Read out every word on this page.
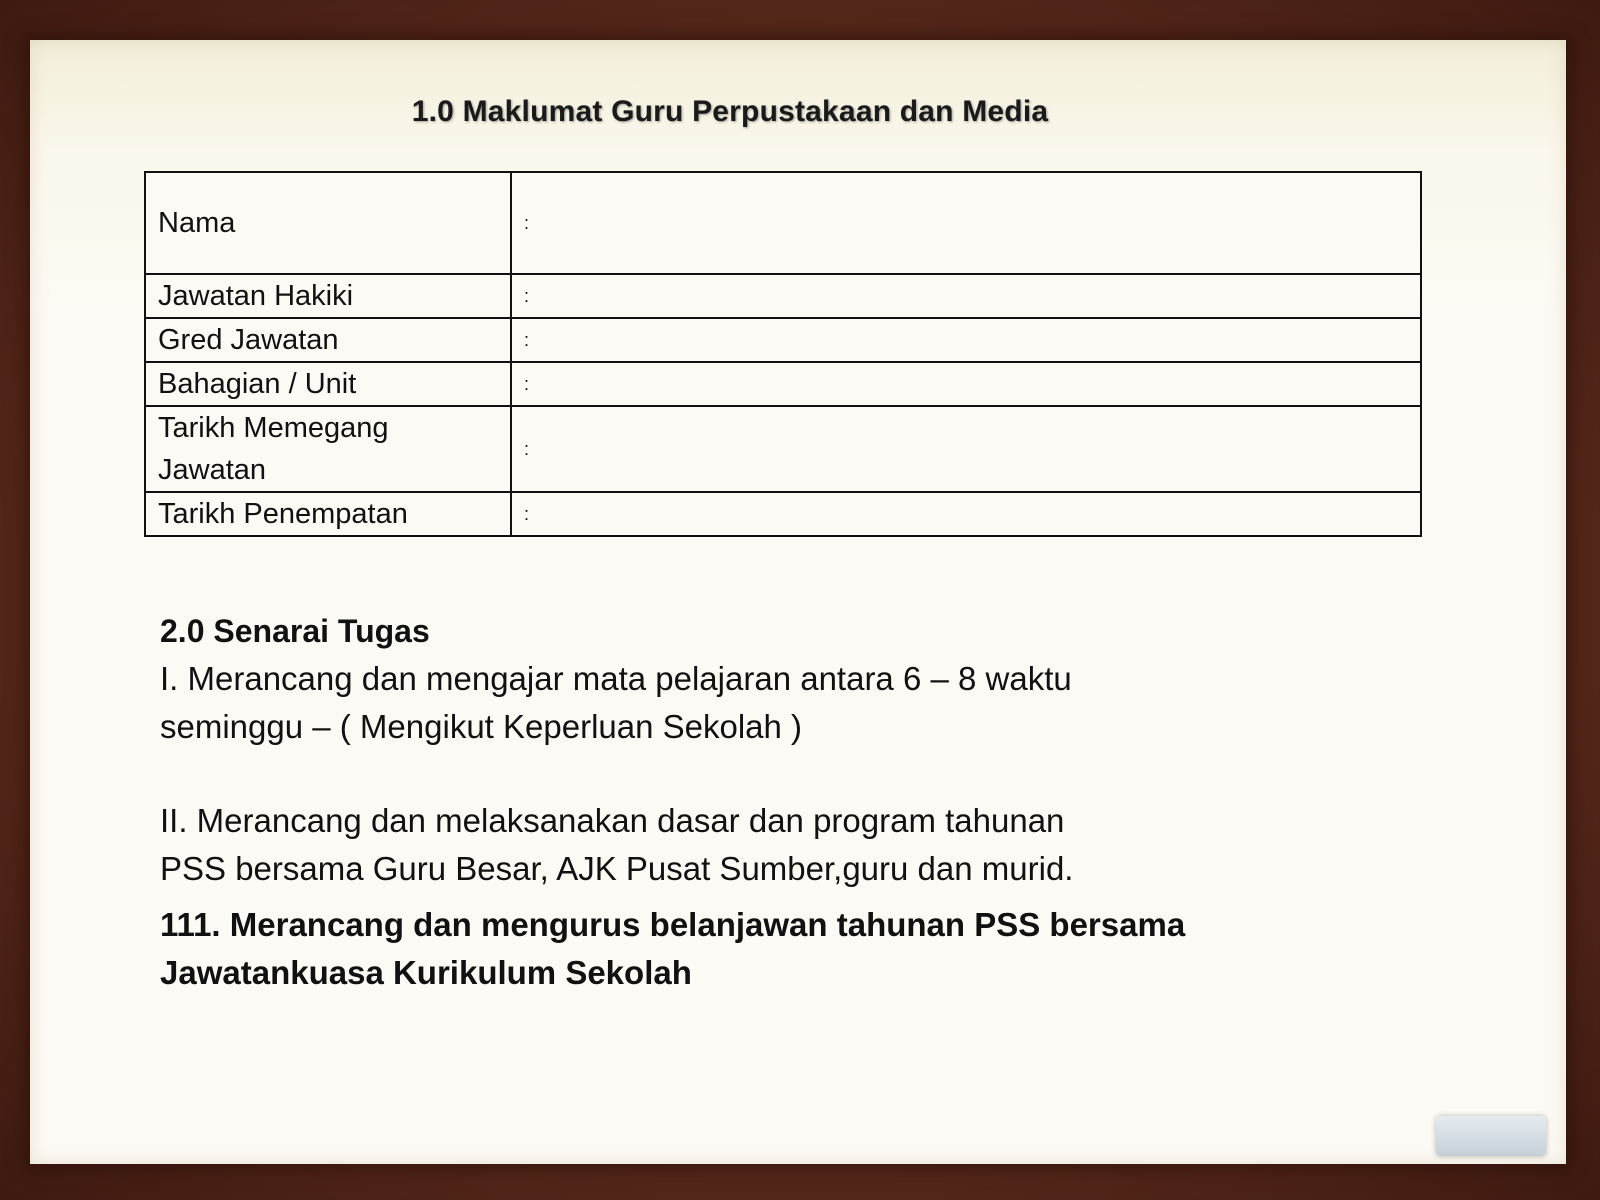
1.0 Maklumat Guru Perpustakaan dan Media
Nama	:
Jawatan Hakiki	:
Gred Jawatan	:
Bahagian / Unit	:
Tarikh Memegang Jawatan	:
Tarikh Penempatan	:
2.0 Senarai Tugas
I. Merancang dan mengajar mata pelajaran antara 6 – 8 waktu
seminggu – ( Mengikut Keperluan Sekolah )
II. Merancang dan melaksanakan dasar dan program tahunan
PSS bersama Guru Besar, AJK Pusat Sumber,guru dan murid.
111. Merancang dan mengurus belanjawan tahunan PSS bersama
Jawatankuasa Kurikulum Sekolah
